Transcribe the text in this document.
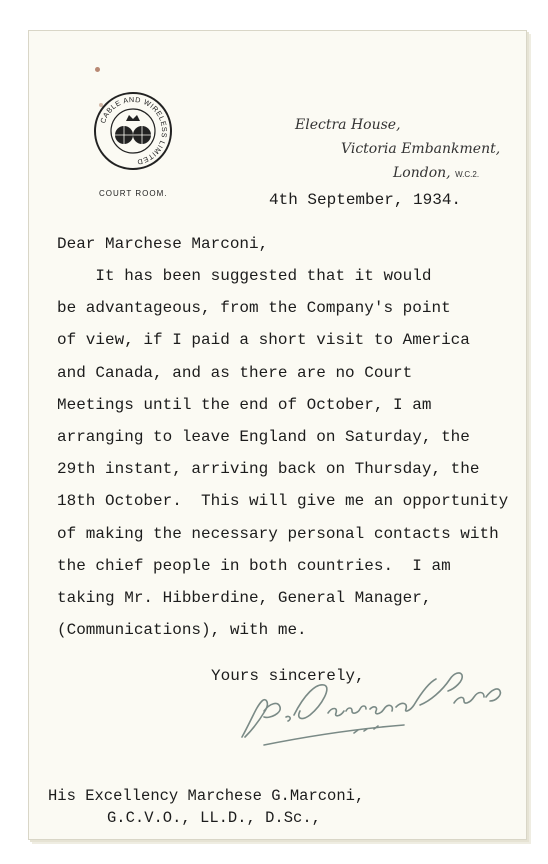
CABLE AND WIRELESS LIMITED
COURT ROOM.
Electra House,
Victoria Embankment,
London, W.C.2.
4th September, 1934.
Dear Marchese Marconi,
It has been suggested that it would
be advantageous, from the Company's point
of view, if I paid a short visit to America
and Canada, and as there are no Court
Meetings until the end of October, I am
arranging to leave England on Saturday, the
29th instant, arriving back on Thursday, the
18th October.  This will give me an opportunity
of making the necessary personal contacts with
the chief people in both countries.  I am
taking Mr. Hibberdine, General Manager,
(Communications), with me.
Yours sincerely,
His Excellency Marchese G.Marconi,
G.C.V.O., LL.D., D.Sc.,
